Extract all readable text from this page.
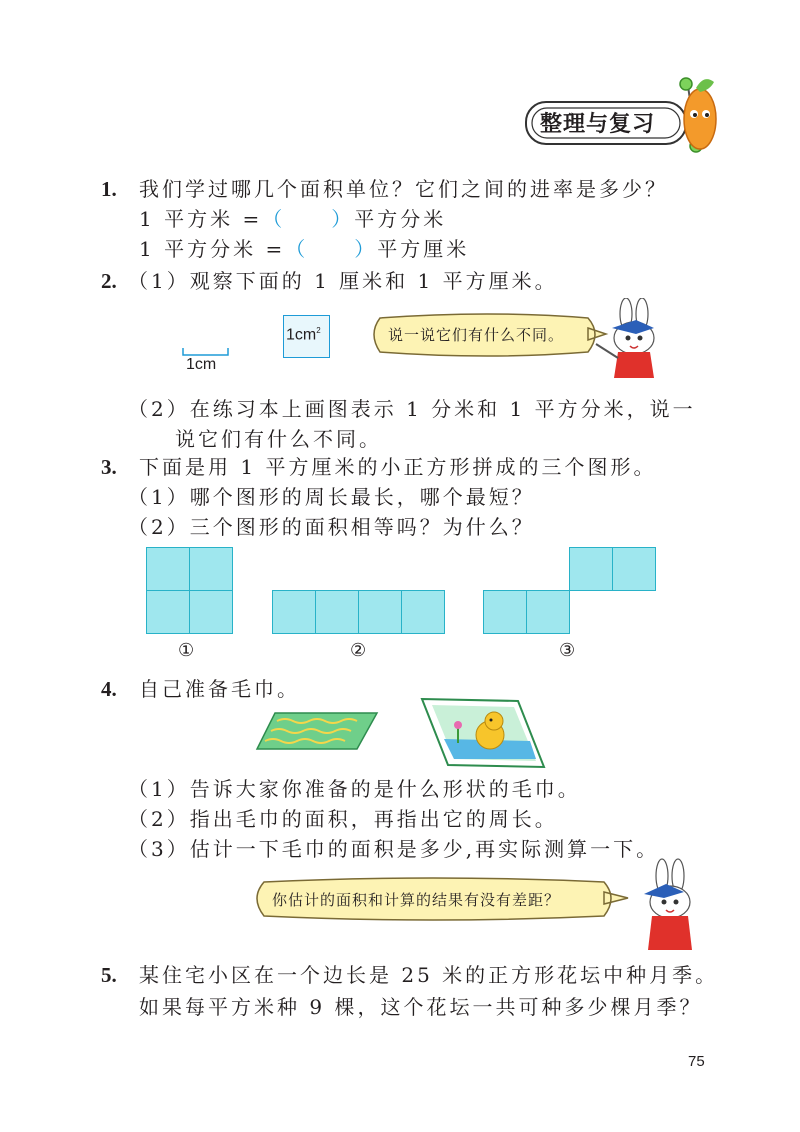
整理与复习
1. 我们学过哪几个面积单位？它们之间的进率是多少？
1 平方米 =（　　）平方分米
1 平方分米 =（　　）平方厘米
2. （1）观察下面的 1 厘米和 1 平方厘米。
1cm
$1cm^2$	说一说它们有什么不同。
（2）在练习本上画图表示 1 分米和 1 平方分米，说一
说它们有什么不同。
3. 下面是用 1 平方厘米的小正方形拼成的三个图形。
（1）哪个图形的周长最长，哪个最短？
（2）三个图形的面积相等吗？为什么？
①	②	③
4. 自己准备毛巾。
（1）告诉大家你准备的是什么形状的毛巾。
（2）指出毛巾的面积，再指出它的周长。
（3）估计一下毛巾的面积是多少,再实际测算一下。
你估计的面积和计算的结果有没有差距？
5. 某住宅小区在一个边长是 25 米的正方形花坛中种月季。
如果每平方米种 9 棵，这个花坛一共可种多少棵月季？
75
